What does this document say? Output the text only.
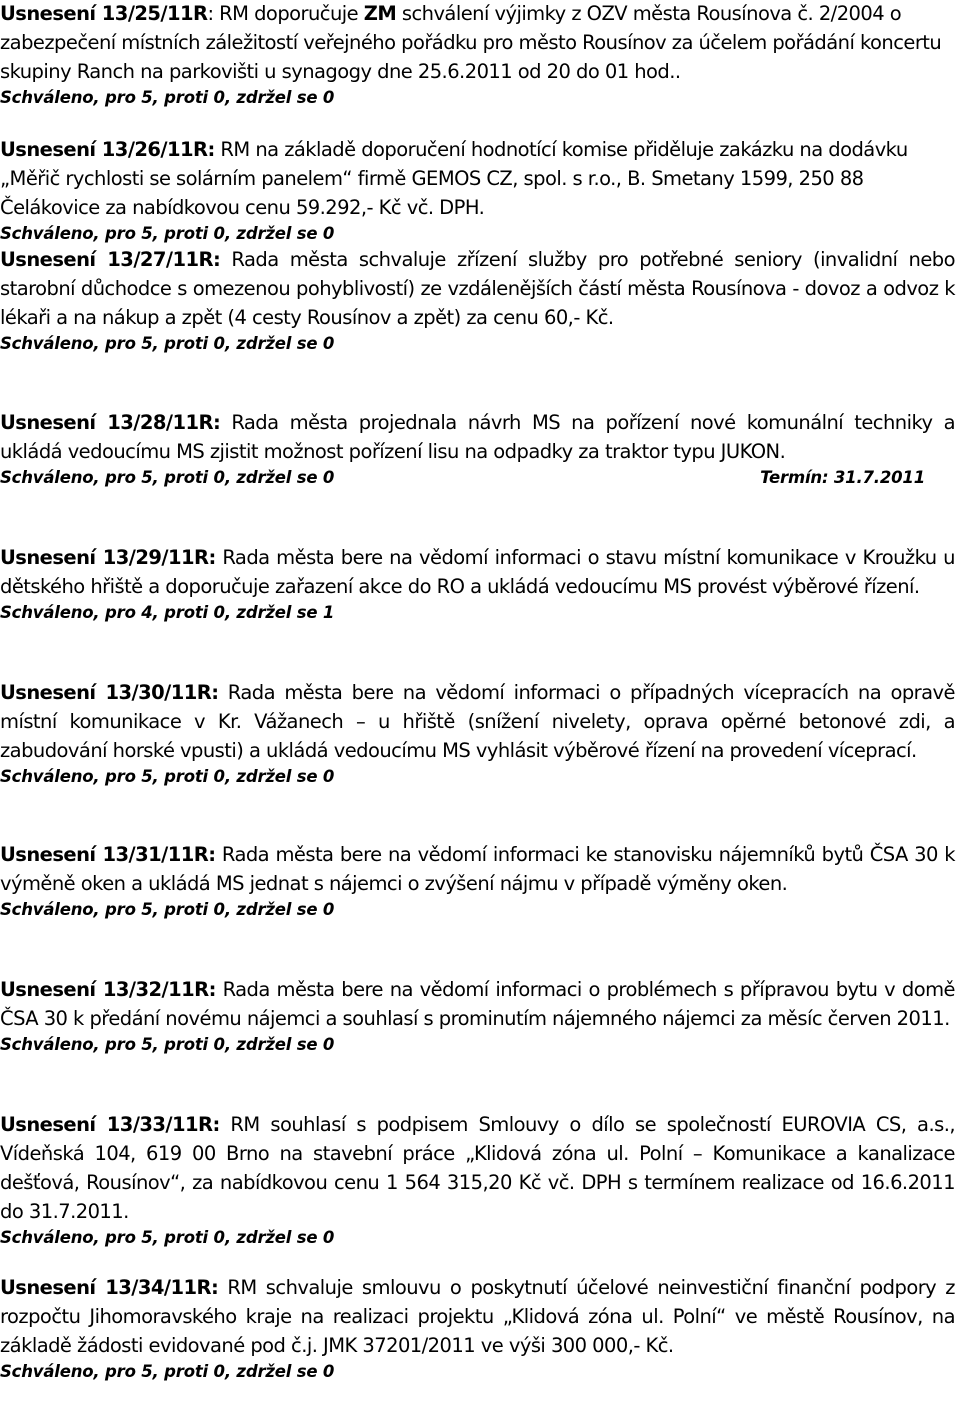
Usnesení 13/25/11R: RM doporučuje ZM schválení výjimky z OZV města Rousínova č. 2/2004 o zabezpečení místních záležitostí veřejného pořádku pro město Rousínov za účelem pořádání koncertu skupiny Ranch na parkovišti u synagogy dne 25.6.2011 od 20 do 01 hod..

Schváleno, pro 5, proti 0, zdržel se 0

Usnesení 13/26/11R: RM na základě doporučení hodnotící komise přiděluje zakázku na dodávku „Měřič rychlosti se solárním panelem“ firmě GEMOS CZ, spol. s r.o., B. Smetany 1599, 250 88 Čelákovice za nabídkovou cenu 59.292,- Kč vč. DPH.

Schváleno, pro 5, proti 0, zdržel se 0

Usnesení 13/27/11R: Rada města schvaluje zřízení služby pro potřebné seniory (invalidní nebo starobní důchodce s omezenou pohyblivostí) ze vzdálenějších částí města Rousínova - dovoz a odvoz k lékaři a na nákup a zpět (4 cesty Rousínov a zpět) za cenu 60,- Kč.

Schváleno, pro 5, proti 0, zdržel se 0

Usnesení 13/28/11R: Rada města projednala návrh MS na pořízení nové komunální techniky a ukládá vedoucímu MS zjistit možnost pořízení lisu na odpadky za traktor typu JUKON.

Schváleno, pro 5, proti 0, zdržel se 0	Termín: 31.7.2011

Usnesení 13/29/11R: Rada města bere na vědomí informaci o stavu místní komunikace v Kroužku u dětského hřiště a doporučuje zařazení akce do RO a ukládá vedoucímu MS provést výběrové řízení.

Schváleno, pro 4, proti 0, zdržel se 1

Usnesení 13/30/11R: Rada města bere na vědomí informaci o případných vícepracích na opravě místní komunikace v Kr. Vážanech – u hřiště (snížení nivelety, oprava opěrné betonové zdi, a zabudování horské vpusti) a ukládá vedoucímu MS vyhlásit výběrové řízení na provedení víceprací.

Schváleno, pro 5, proti 0, zdržel se 0

Usnesení 13/31/11R: Rada města bere na vědomí informaci ke stanovisku nájemníků bytů ČSA 30 k výměně oken a ukládá MS jednat s nájemci o zvýšení nájmu v případě výměny oken.

Schváleno, pro 5, proti 0, zdržel se 0

Usnesení 13/32/11R: Rada města bere na vědomí informaci o problémech s přípravou bytu v domě ČSA 30 k předání novému nájemci a souhlasí s prominutím nájemného nájemci za měsíc červen 2011.

Schváleno, pro 5, proti 0, zdržel se 0

Usnesení 13/33/11R: RM souhlasí s podpisem Smlouvy o dílo se společností EUROVIA CS, a.s., Vídeňská 104, 619 00 Brno na stavební práce „Klidová zóna ul. Polní – Komunikace a kanalizace dešťová, Rousínov“, za nabídkovou cenu 1 564 315,20 Kč vč. DPH s termínem realizace od 16.6.2011 do 31.7.2011.

Schváleno, pro 5, proti 0, zdržel se 0

Usnesení 13/34/11R: RM schvaluje smlouvu o poskytnutí účelové neinvestiční finanční podpory z rozpočtu Jihomoravského kraje na realizaci projektu „Klidová zóna ul. Polní“ ve městě Rousínov, na základě žádosti evidované pod č.j. JMK 37201/2011 ve výši 300 000,- Kč.

Schváleno, pro 5, proti 0, zdržel se 0
